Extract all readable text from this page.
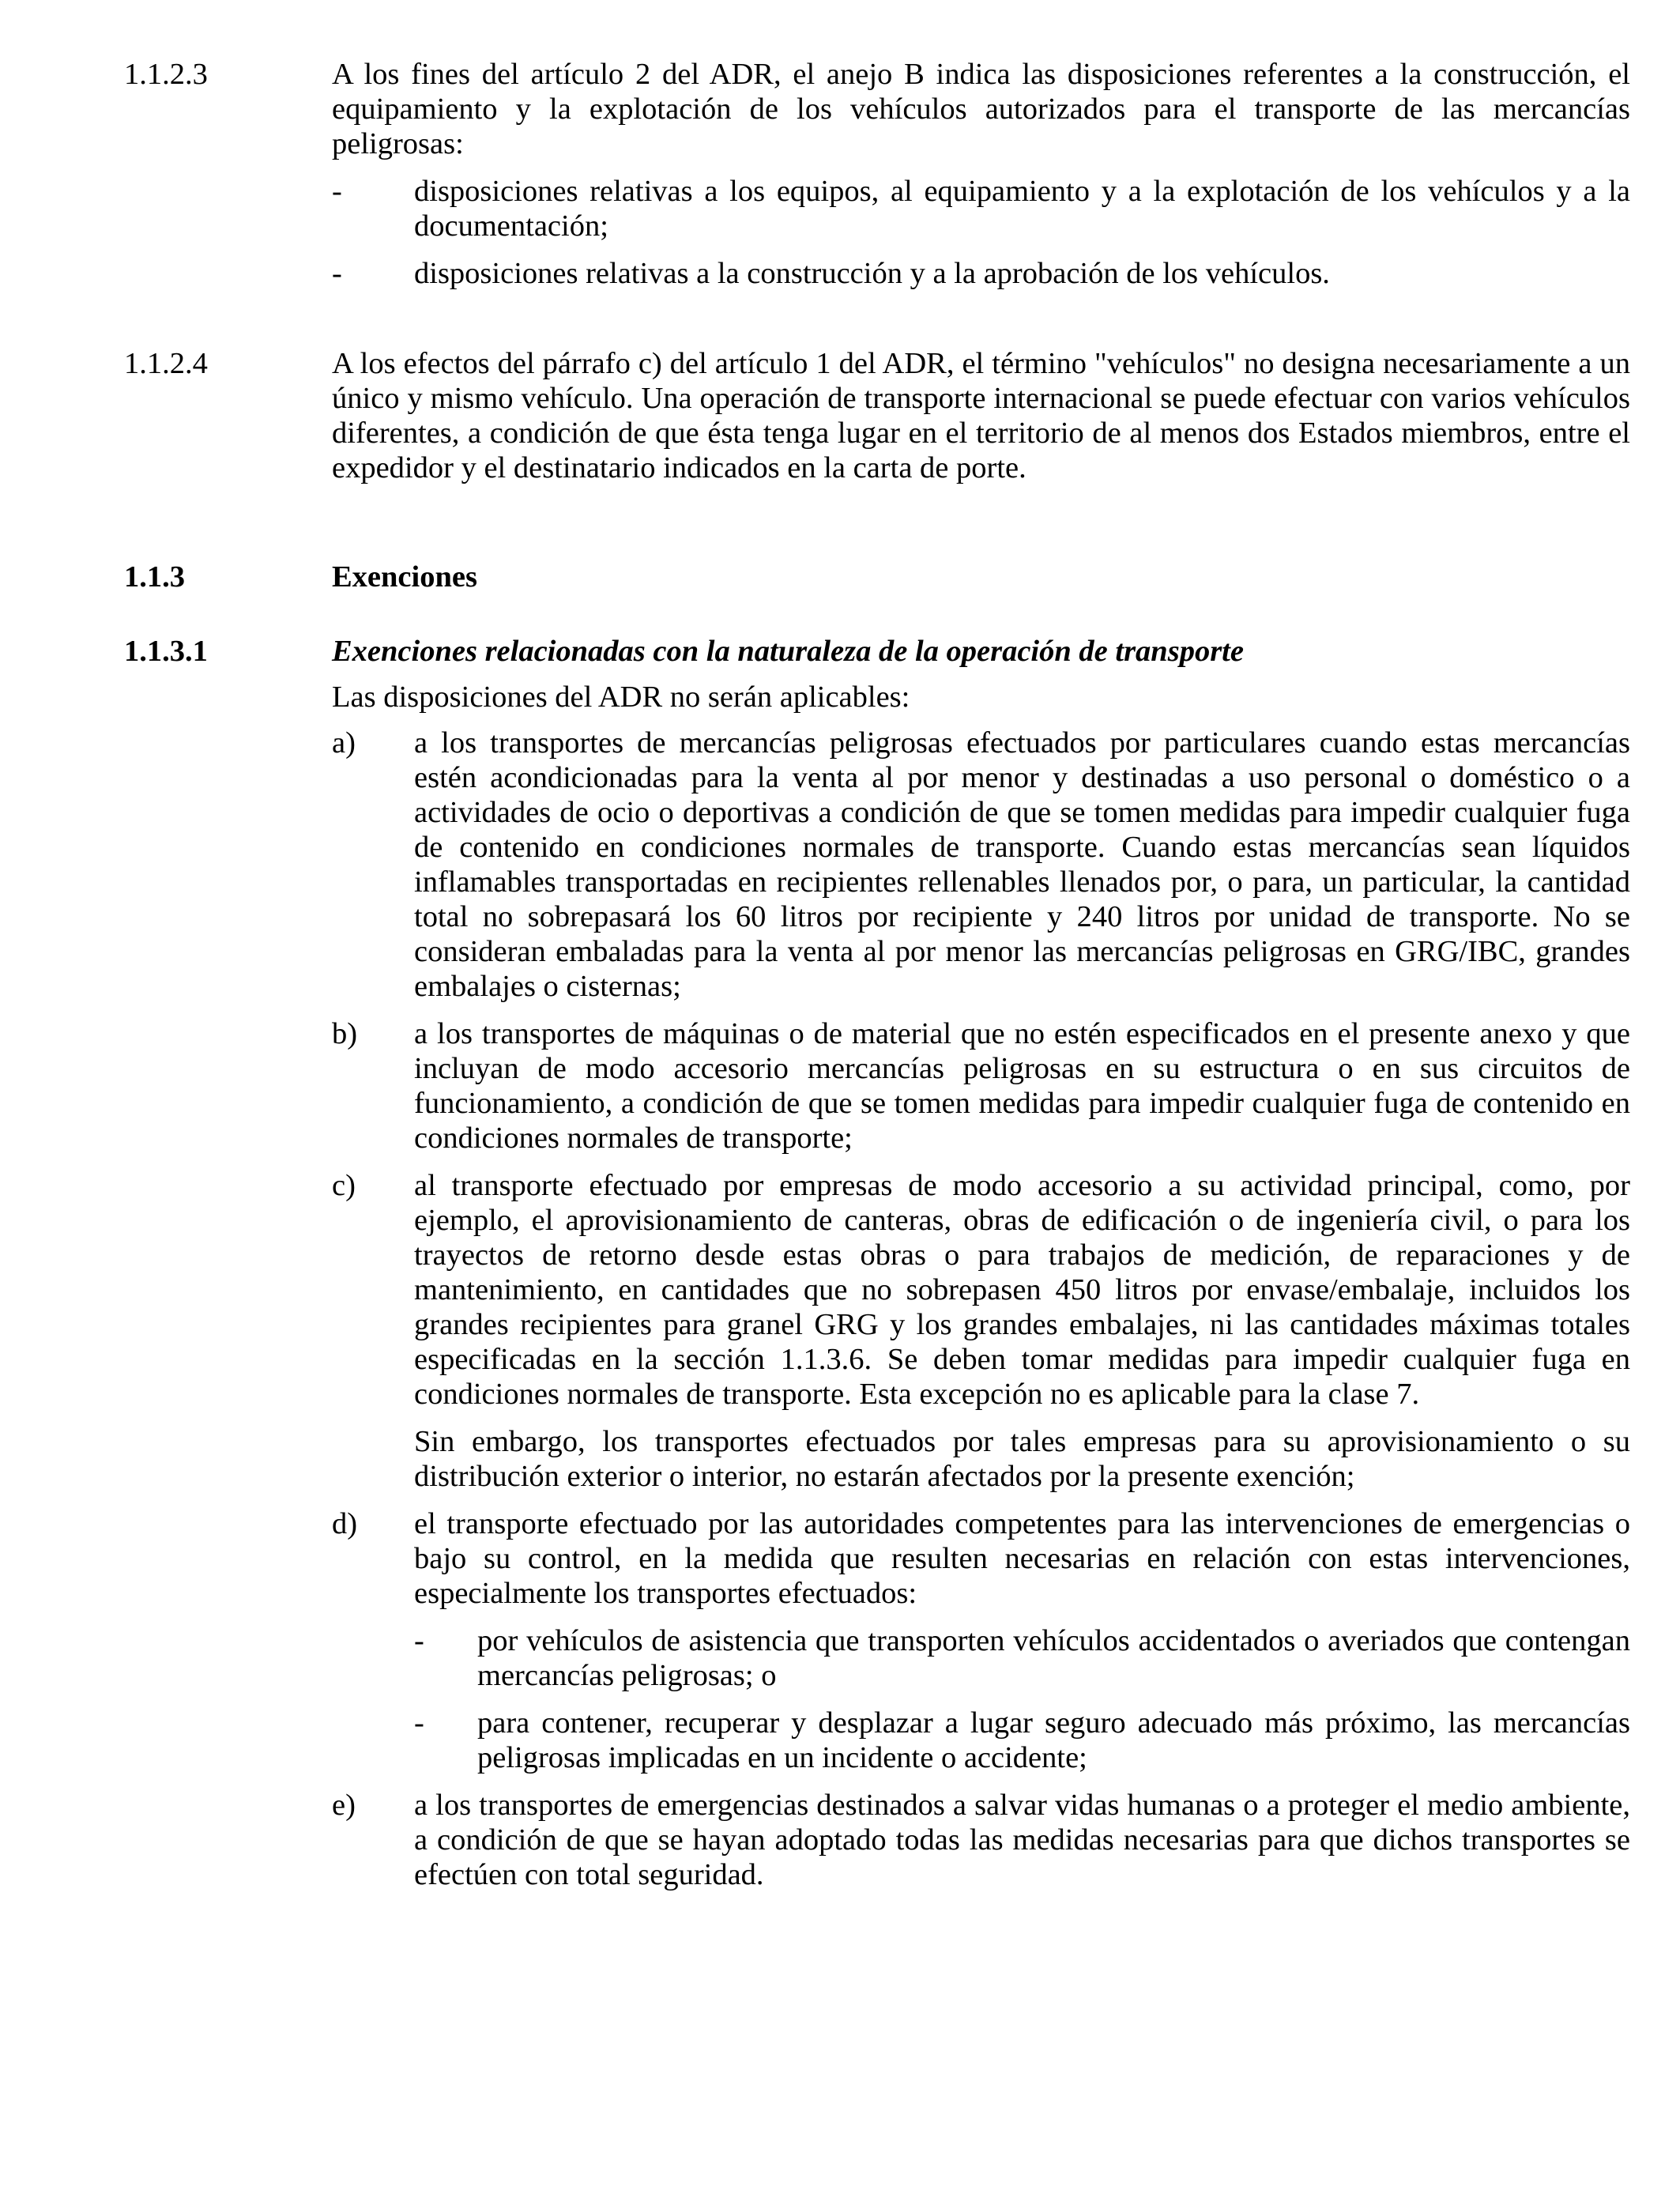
1.1.2.3	A los fines del artículo 2 del ADR, el anejo B indica las disposiciones referentes a la construcción, el equipamiento y la explotación de los vehículos autorizados para el transporte de las mercancías peligrosas:

- disposiciones relativas a los equipos, al equipamiento y a la explotación de los vehículos y a la documentación;

- disposiciones relativas a la construcción y a la aprobación de los vehículos.

1.1.2.4	A los efectos del párrafo c) del artículo 1 del ADR, el término "vehículos" no designa necesariamente a un único y mismo vehículo. Una operación de transporte internacional se puede efectuar con varios vehículos diferentes, a condición de que ésta tenga lugar en el territorio de al menos dos Estados miembros, entre el expedidor y el destinatario indicados en la carta de porte.

1.1.3	Exenciones

1.1.3.1	Exenciones relacionadas con la naturaleza de la operación de transporte

Las disposiciones del ADR no serán aplicables:

a) a los transportes de mercancías peligrosas efectuados por particulares cuando estas mercancías estén acondicionadas para la venta al por menor y destinadas a uso personal o doméstico o a actividades de ocio o deportivas a condición de que se tomen medidas para impedir cualquier fuga de contenido en condiciones normales de transporte. Cuando estas mercancías sean líquidos inflamables transportadas en recipientes rellenables llenados por, o para, un particular, la cantidad total no sobrepasará los 60 litros por recipiente y 240 litros por unidad de transporte. No se consideran embaladas para la venta al por menor las mercancías peligrosas en GRG/IBC, grandes embalajes o cisternas;

b) a los transportes de máquinas o de material que no estén especificados en el presente anexo y que incluyan de modo accesorio mercancías peligrosas en su estructura o en sus circuitos de funcionamiento, a condición de que se tomen medidas para impedir cualquier fuga de contenido en condiciones normales de transporte;

c) al transporte efectuado por empresas de modo accesorio a su actividad principal, como, por ejemplo, el aprovisionamiento de canteras, obras de edificación o de ingeniería civil, o para los trayectos de retorno desde estas obras o para trabajos de medición, de reparaciones y de mantenimiento, en cantidades que no sobrepasen 450 litros por envase/embalaje, incluidos los grandes recipientes para granel GRG y los grandes embalajes, ni las cantidades máximas totales especificadas en la sección 1.1.3.6. Se deben tomar medidas para impedir cualquier fuga en condiciones normales de transporte. Esta excepción no es aplicable para la clase 7.

Sin embargo, los transportes efectuados por tales empresas para su aprovisionamiento o su distribución exterior o interior, no estarán afectados por la presente exención;

d) el transporte efectuado por las autoridades competentes para las intervenciones de emergencias o bajo su control, en la medida que resulten necesarias en relación con estas intervenciones, especialmente los transportes efectuados:

- por vehículos de asistencia que transporten vehículos accidentados o averiados que contengan mercancías peligrosas; o

- para contener, recuperar y desplazar a lugar seguro adecuado más próximo, las mercancías peligrosas implicadas en un incidente o accidente;

e) a los transportes de emergencias destinados a salvar vidas humanas o a proteger el medio ambiente, a condición de que se hayan adoptado todas las medidas necesarias para que dichos transportes se efectúen con total seguridad.
